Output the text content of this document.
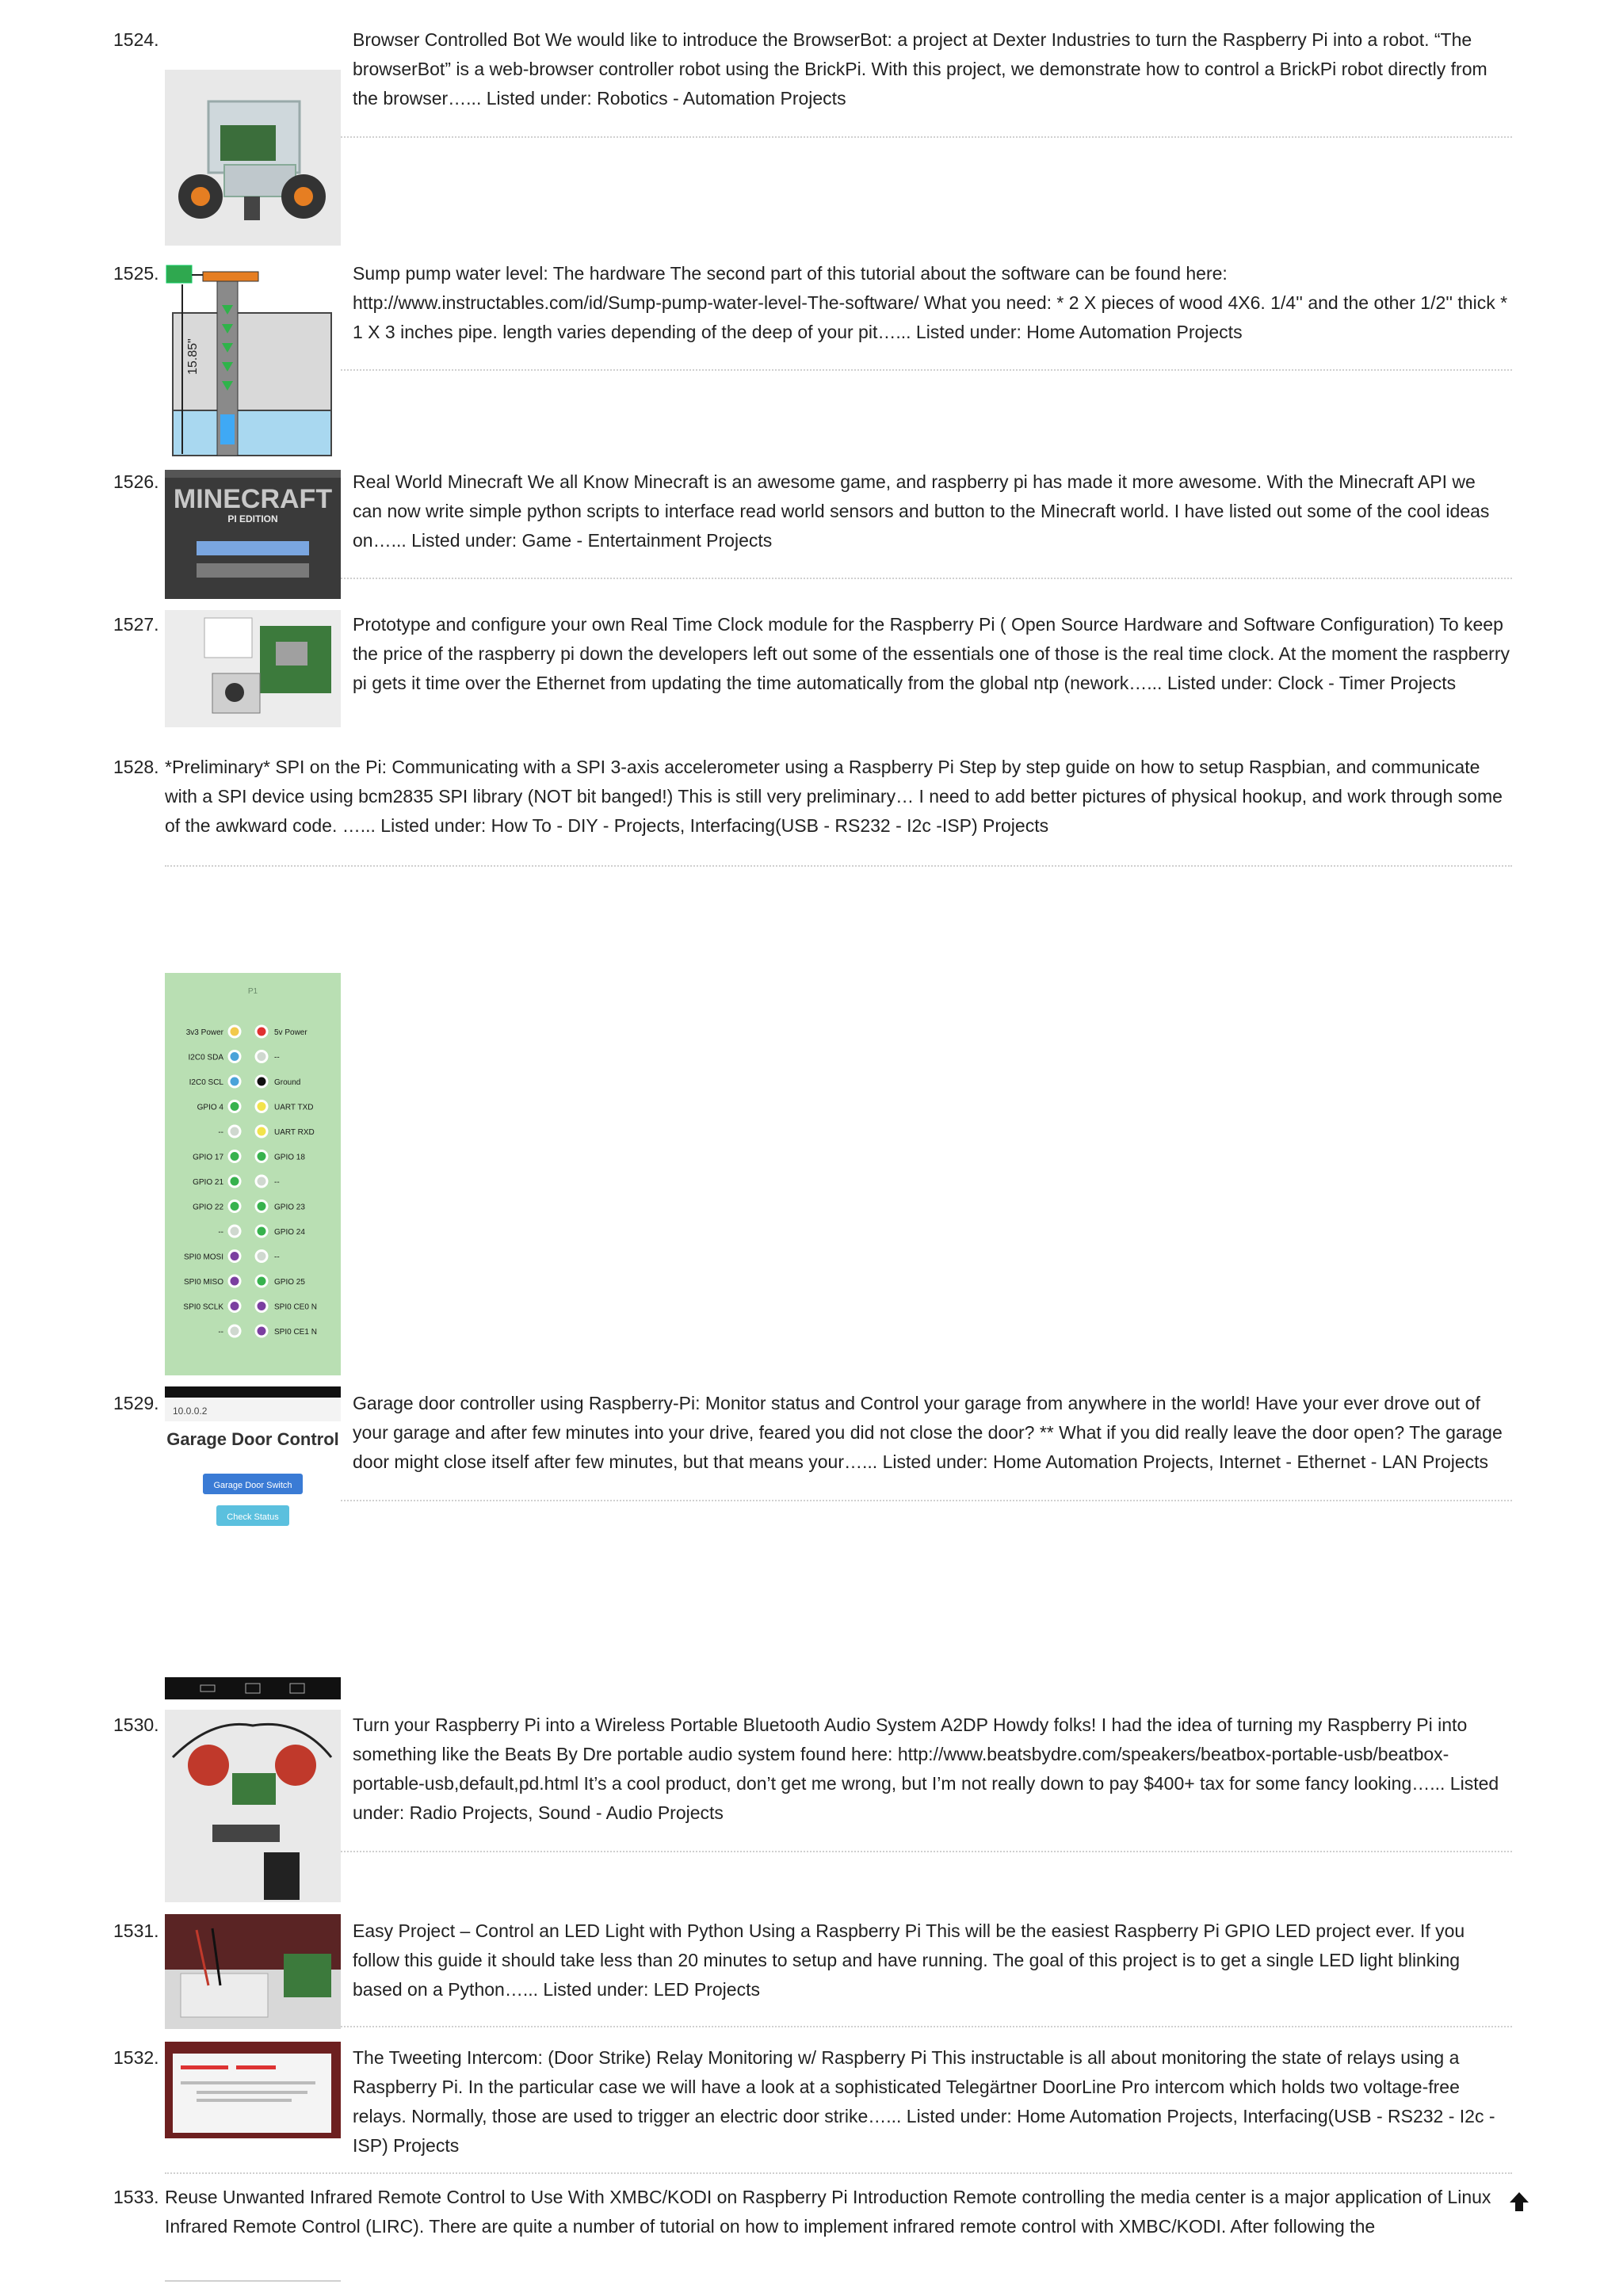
1524.	Browser Controlled Bot We would like to introduce the BrowserBot: a project at Dexter Industries to turn the Raspberry Pi into a robot. “The browserBot” is a web-browser controller robot using the BrickPi. With this project, we demonstrate how to control a BrickPi robot directly from the browser…... Listed under: Robotics - Automation Projects
1525.
15.85"
Sump pump water level: The hardware The second part of this tutorial about the software can be found here: http://www.instructables.com/id/Sump-pump-water-level-The-software/ What you need: * 2 X pieces of wood 4X6. 1/4'' and the other 1/2'' thick * 1 X 3 inches pipe. length varies depending of the deep of your pit…... Listed under: Home Automation Projects
1526.
MINECRAFT
PI EDITION
Real World Minecraft We all Know Minecraft is an awesome game, and raspberry pi has made it more awesome. With the Minecraft API we can now write simple python scripts to interface read world sensors and button to the Minecraft world. I have listed out some of the cool ideas on…... Listed under: Game - Entertainment Projects
1527.	Prototype and configure your own Real Time Clock module for the Raspberry Pi ( Open Source Hardware and Software Configuration) To keep the price of the raspberry pi down the developers left out some of the essentials one of those is the real time clock. At the moment the raspberry pi gets it time over the Ethernet from updating the time automatically from the global ntp (nework…... Listed under: Clock - Timer Projects
1528. *Preliminary* SPI on the Pi: Communicating with a SPI 3-axis accelerometer using a Raspberry Pi Step by step guide on how to setup Raspbian, and communicate with a SPI device using bcm2835 SPI library (NOT bit banged!) This is still very preliminary… I need to add better pictures of physical hookup, and work through some of the awkward code. …... Listed under: How To - DIY - Projects, Interfacing(USB - RS232 - I2c -ISP) Projects
P1
3v3 Power	5v Power
I2C0 SDA	--
I2C0 SCL	Ground
GPIO 4	UART TXD
--	UART RXD
GPIO 17	GPIO 18
GPIO 21	--
GPIO 22	GPIO 23
--	GPIO 24
SPI0 MOSI	--
SPI0 MISO	GPIO 25
SPI0 SCLK	SPI0 CE0 N
--	SPI0 CE1 N
1529.	10.0.0.2
Garage Door Control
Garage Door Switch
Check Status
Garage door controller using Raspberry-Pi: Monitor status and Control your garage from anywhere in the world! Have your ever drove out of your garage and after few minutes into your drive, feared you did not close the door? ** What if you did really leave the door open? The garage door might close itself after few minutes, but that means your…... Listed under: Home Automation Projects, Internet - Ethernet - LAN Projects
1530.	Turn your Raspberry Pi into a Wireless Portable Bluetooth Audio System A2DP Howdy folks! I had the idea of turning my Raspberry Pi into something like the Beats By Dre portable audio system found here: http://www.beatsbydre.com/speakers/beatbox-portable-usb/beatbox-portable-usb,default,pd.html It’s a cool product, don’t get me wrong, but I’m not really down to pay $400+ tax for some fancy looking…... Listed under: Radio Projects, Sound - Audio Projects
1531.	Easy Project – Control an LED Light with Python Using a Raspberry Pi This will be the easiest Raspberry Pi GPIO LED project ever. If you follow this guide it should take less than 20 minutes to setup and have running. The goal of this project is to get a single LED light blinking based on a Python…... Listed under: LED Projects
1532.	The Tweeting Intercom: (Door Strike) Relay Monitoring w/ Raspberry Pi This instructable is all about monitoring the state of relays using a Raspberry Pi. In the particular case we will have a look at a sophisticated Telegärtner DoorLine Pro intercom which holds two voltage-free relays. Normally, those are used to trigger an electric door strike…... Listed under: Home Automation Projects, Interfacing(USB - RS232 - I2c -ISP) Projects
1533. Reuse Unwanted Infrared Remote Control to Use With XMBC/KODI on Raspberry Pi Introduction Remote controlling the media center is a major application of Linux Infrared Remote Control (LIRC). There are quite a number of tutorial on how to implement infrared remote control with XMBC/KODI. After following the
